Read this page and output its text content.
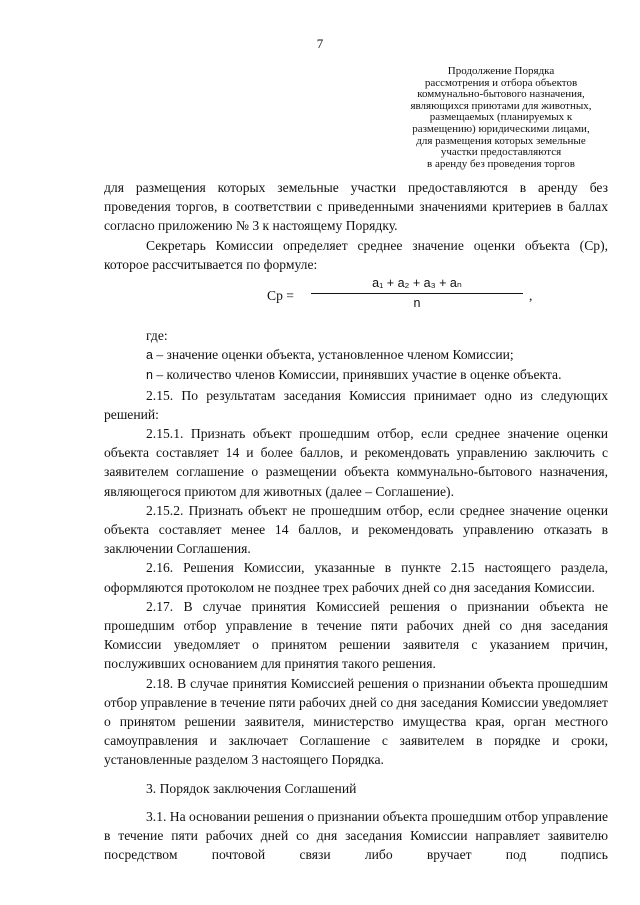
7
Продолжение Порядка
рассмотрения и отбора объектов
коммунально-бытового назначения,
являющихся приютами для животных,
размещаемых (планируемых к
размещению) юридическими лицами,
для размещения которых земельные
участки предоставляются
в аренду без проведения торгов

для размещения которых земельные участки предоставляются в аренду без проведения торгов, в соответствии с приведенными значениями критериев в баллах согласно приложению № 3 к настоящему Порядку.

Секретарь Комиссии определяет среднее значение оценки объекта (Ср), которое рассчитывается по формуле:

Ср = $\frac{\text{a₁ + a₂ + a₃ + aₙ}}{n}$ ,

где:

a – значение оценки объекта, установленное членом Комиссии;

n – количество членов Комиссии, принявших участие в оценке объекта.

2.15. По результатам заседания Комиссия принимает одно из следующих решений:

2.15.1. Признать объект прошедшим отбор, если среднее значение оценки объекта составляет 14 и более баллов, и рекомендовать управлению заключить с заявителем соглашение о размещении объекта коммунально-бытового назначения, являющегося приютом для животных (далее – Соглашение).

2.15.2. Признать объект не прошедшим отбор, если среднее значение оценки объекта составляет менее 14 баллов, и рекомендовать управлению отказать в заключении Соглашения.

2.16. Решения Комиссии, указанные в пункте 2.15 настоящего раздела, оформляются протоколом не позднее трех рабочих дней со дня заседания Комиссии.

2.17. В случае принятия Комиссией решения о признании объекта не прошедшим отбор управление в течение пяти рабочих дней со дня заседания Комиссии уведомляет о принятом решении заявителя с указанием причин, послуживших основанием для принятия такого решения.

2.18. В случае принятия Комиссией решения о признании объекта прошедшим отбор управление в течение пяти рабочих дней со дня заседания Комиссии уведомляет о принятом решении заявителя, министерство имущества края, орган местного самоуправления и заключает Соглашение с заявителем в порядке и сроки, установленные разделом 3 настоящего Порядка.

3. Порядок заключения Соглашений

3.1. На основании решения о признании объекта прошедшим отбор управление в течение пяти рабочих дней со дня заседания Комиссии направляет заявителю посредством почтовой связи либо вручает под подпись
